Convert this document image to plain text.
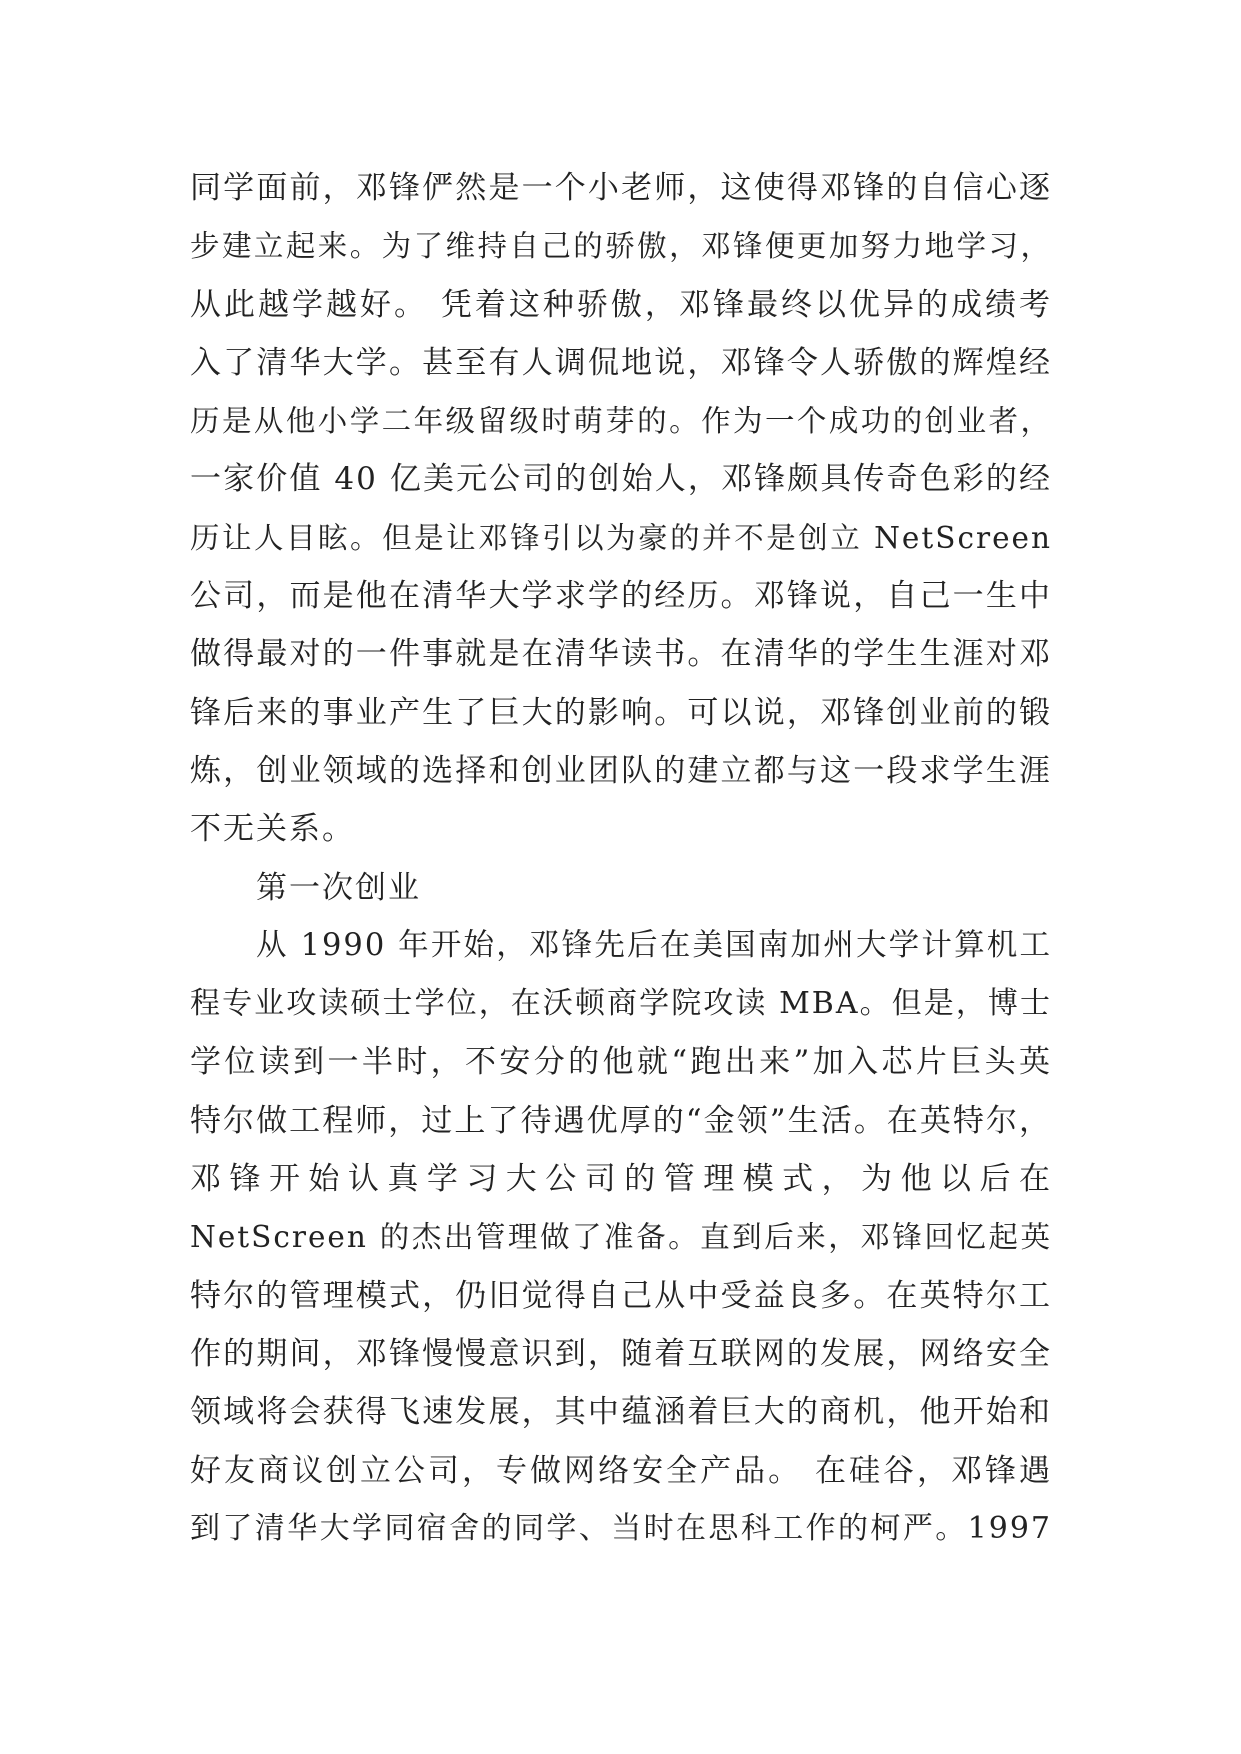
同学面前，邓锋俨然是一个小老师，这使得邓锋的自信心逐
步建立起来。为了维持自己的骄傲，邓锋便更加努力地学习，
从此越学越好。 凭着这种骄傲，邓锋最终以优异的成绩考
入了清华大学。甚至有人调侃地说，邓锋令人骄傲的辉煌经
历是从他小学二年级留级时萌芽的。作为一个成功的创业者，
一家价值 40 亿美元公司的创始人，邓锋颇具传奇色彩的经
历让人目眩。但是让邓锋引以为豪的并不是创立 NetScreen
公司，而是他在清华大学求学的经历。邓锋说，自己一生中
做得最对的一件事就是在清华读书。在清华的学生生涯对邓
锋后来的事业产生了巨大的影响。可以说，邓锋创业前的锻
炼，创业领域的选择和创业团队的建立都与这一段求学生涯
不无关系。
第一次创业
从 1990 年开始，邓锋先后在美国南加州大学计算机工
程专业攻读硕士学位，在沃顿商学院攻读 MBA。但是，博士
学位读到一半时，不安分的他就“跑出来”加入芯片巨头英
特尔做工程师，过上了待遇优厚的“金领”生活。在英特尔，
邓锋开始认真学习大公司的管理模式，为他以后在
NetScreen 的杰出管理做了准备。直到后来，邓锋回忆起英
特尔的管理模式，仍旧觉得自己从中受益良多。在英特尔工
作的期间，邓锋慢慢意识到，随着互联网的发展，网络安全
领域将会获得飞速发展，其中蕴涵着巨大的商机，他开始和
好友商议创立公司，专做网络安全产品。 在硅谷，邓锋遇
到了清华大学同宿舍的同学、当时在思科工作的柯严。1997
